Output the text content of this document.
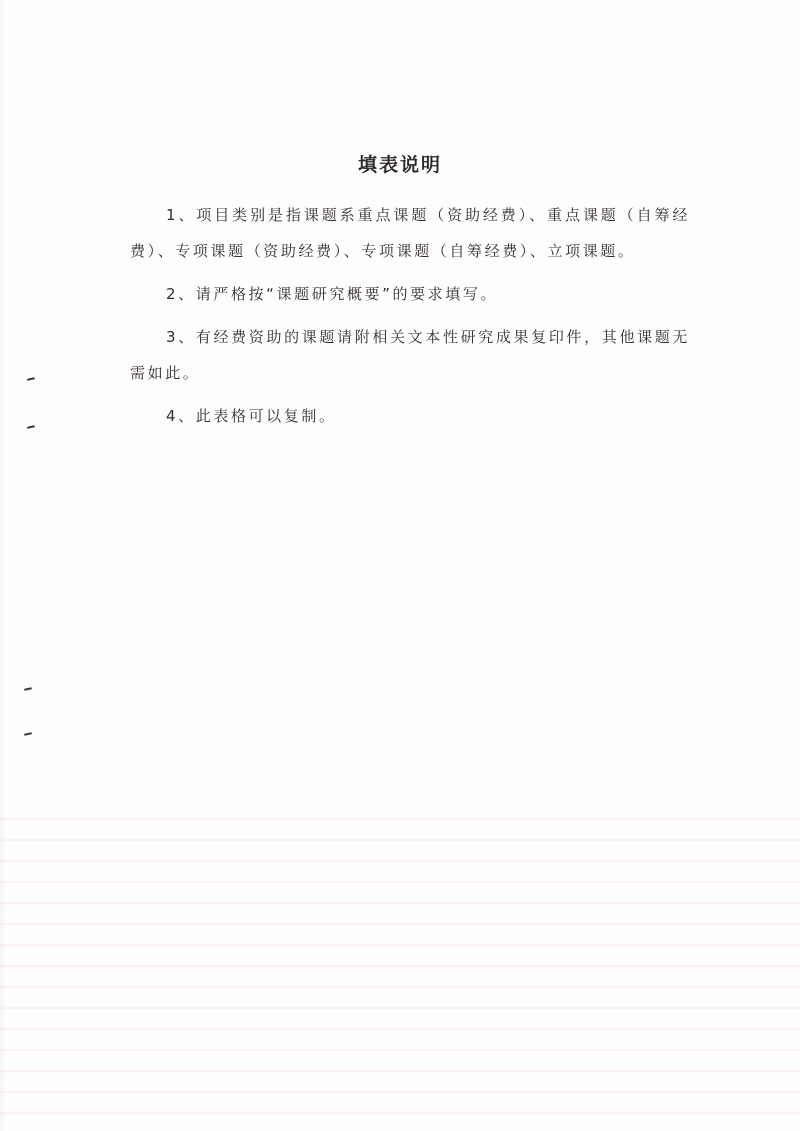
填表说明

1、项目类别是指课题系重点课题（资助经费）、重点课题（自筹经费）、专项课题（资助经费）、专项课题（自筹经费）、立项课题。

2、请严格按“课题研究概要”的要求填写。

3、有经费资助的课题请附相关文本性研究成果复印件，其他课题无需如此。

4、此表格可以复制。
